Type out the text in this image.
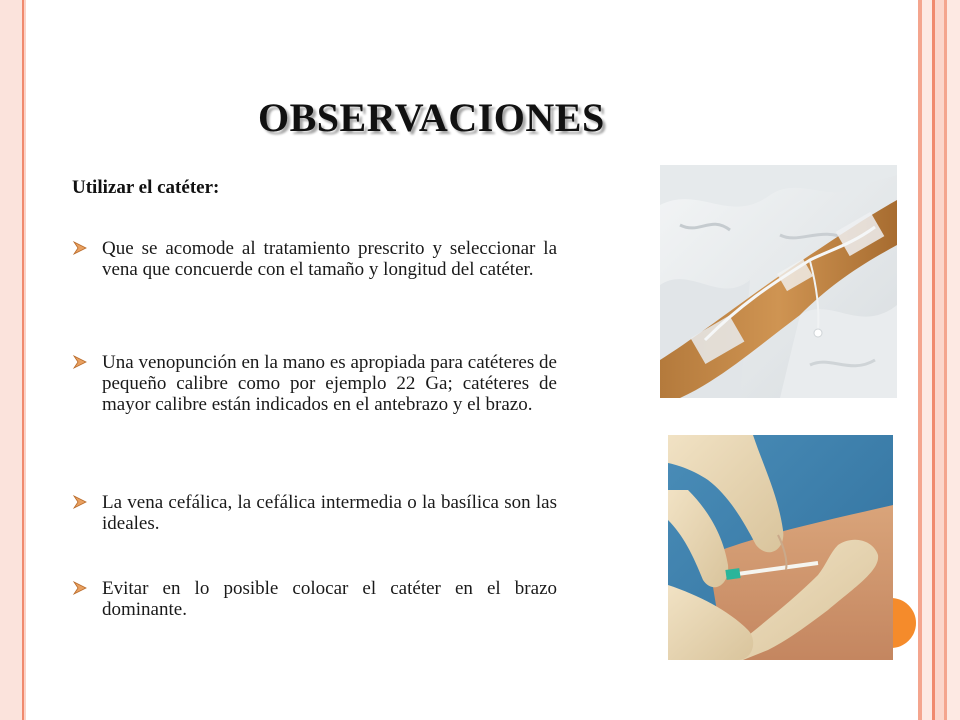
OBSERVACIONES
Utilizar el catéter:
Que se acomode al tratamiento prescrito y seleccionar la vena que concuerde con el tamaño y longitud del catéter.
Una venopunción en la mano es apropiada para catéteres de pequeño calibre como por ejemplo 22 Ga; catéteres de mayor calibre están indicados en el antebrazo y el brazo.
La vena cefálica, la cefálica intermedia o la basílica son las ideales.
Evitar en lo posible colocar el catéter en el brazo dominante.
